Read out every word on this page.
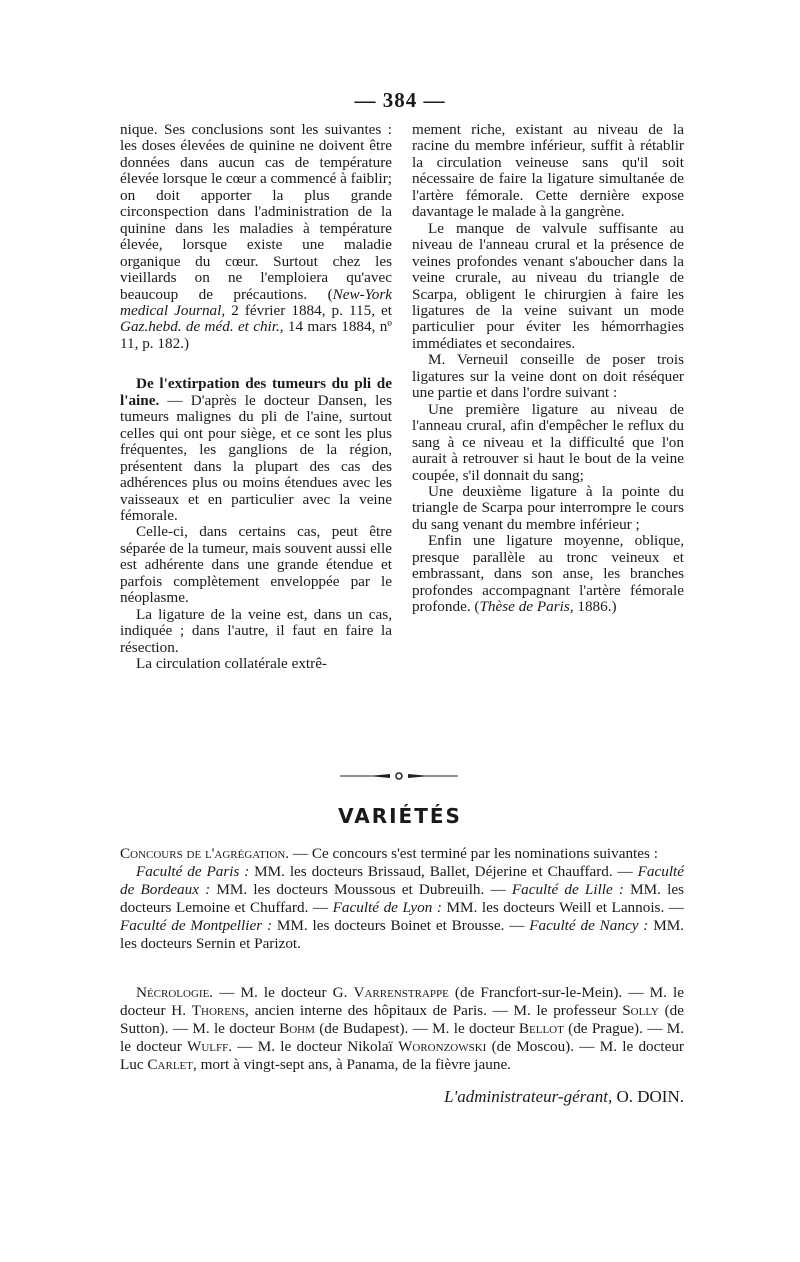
— 384 —

nique. Ses conclusions sont les suivantes : les doses élevées de quinine ne doivent être données dans aucun cas de température élevée lorsque le cœur a commencé à faiblir; on doit apporter la plus grande circonspection dans l'administration de la quinine dans les maladies à température élevée, lorsque existe une maladie organique du cœur. Surtout chez les vieillards on ne l'emploiera qu'avec beaucoup de précautions. (New-York medical Journal, 2 février 1884, p. 115, et Gaz.hebd. de méd. et chir., 14 mars 1884, nº 11, p. 182.)

De l'extirpation des tumeurs du pli de l'aine. — D'après le docteur Dansen, les tumeurs malignes du pli de l'aine, surtout celles qui ont pour siège, et ce sont les plus fréquentes, les ganglions de la région, présentent dans la plupart des cas des adhérences plus ou moins étendues avec les vaisseaux et en particulier avec la veine fémorale.

Celle-ci, dans certains cas, peut être séparée de la tumeur, mais souvent aussi elle est adhérente dans une grande étendue et parfois complètement enveloppée par le néoplasme.

La ligature de la veine est, dans un cas, indiquée ; dans l'autre, il faut en faire la résection.

La circulation collatérale extrê-

mement riche, existant au niveau de la racine du membre inférieur, suffit à rétablir la circulation veineuse sans qu'il soit nécessaire de faire la ligature simultanée de l'artère fémorale. Cette dernière expose davantage le malade à la gangrène.

Le manque de valvule suffisante au niveau de l'anneau crural et la présence de veines profondes venant s'aboucher dans la veine crurale, au niveau du triangle de Scarpa, obligent le chirurgien à faire les ligatures de la veine suivant un mode particulier pour éviter les hémorrhagies immédiates et secondaires.

M. Verneuil conseille de poser trois ligatures sur la veine dont on doit réséquer une partie et dans l'ordre suivant :

Une première ligature au niveau de l'anneau crural, afin d'empêcher le reflux du sang à ce niveau et la difficulté que l'on aurait à retrouver si haut le bout de la veine coupée, s'il donnait du sang;

Une deuxième ligature à la pointe du triangle de Scarpa pour interrompre le cours du sang venant du membre inférieur ;

Enfin une ligature moyenne, oblique, presque parallèle au tronc veineux et embrassant, dans son anse, les branches profondes accompagnant l'artère fémorale profonde. (Thèse de Paris, 1886.)

VARIÉTÉS

Concours de l'agrégation. — Ce concours s'est terminé par les nominations suivantes :

Faculté de Paris : MM. les docteurs Brissaud, Ballet, Déjerine et Chauffard. — Faculté de Bordeaux : MM. les docteurs Moussous et Dubreuilh. — Faculté de Lille : MM. les docteurs Lemoine et Chuffard. — Faculté de Lyon : MM. les docteurs Weill et Lannois. — Faculté de Montpellier : MM. les docteurs Boinet et Brousse. — Faculté de Nancy : MM. les docteurs Sernin et Parizot.

Nécrologie. — M. le docteur G. Varrenstrappe (de Francfort-sur-le-Mein). — M. le docteur H. Thorens, ancien interne des hôpitaux de Paris. — M. le professeur Solly (de Sutton). — M. le docteur Bohm (de Budapest). — M. le docteur Bellot (de Prague). — M. le docteur Wulff. — M. le docteur Nikolaï Woronzowski (de Moscou). — M. le docteur Luc Carlet, mort à vingt-sept ans, à Panama, de la fièvre jaune.

L'administrateur-gérant, O. DOIN.
